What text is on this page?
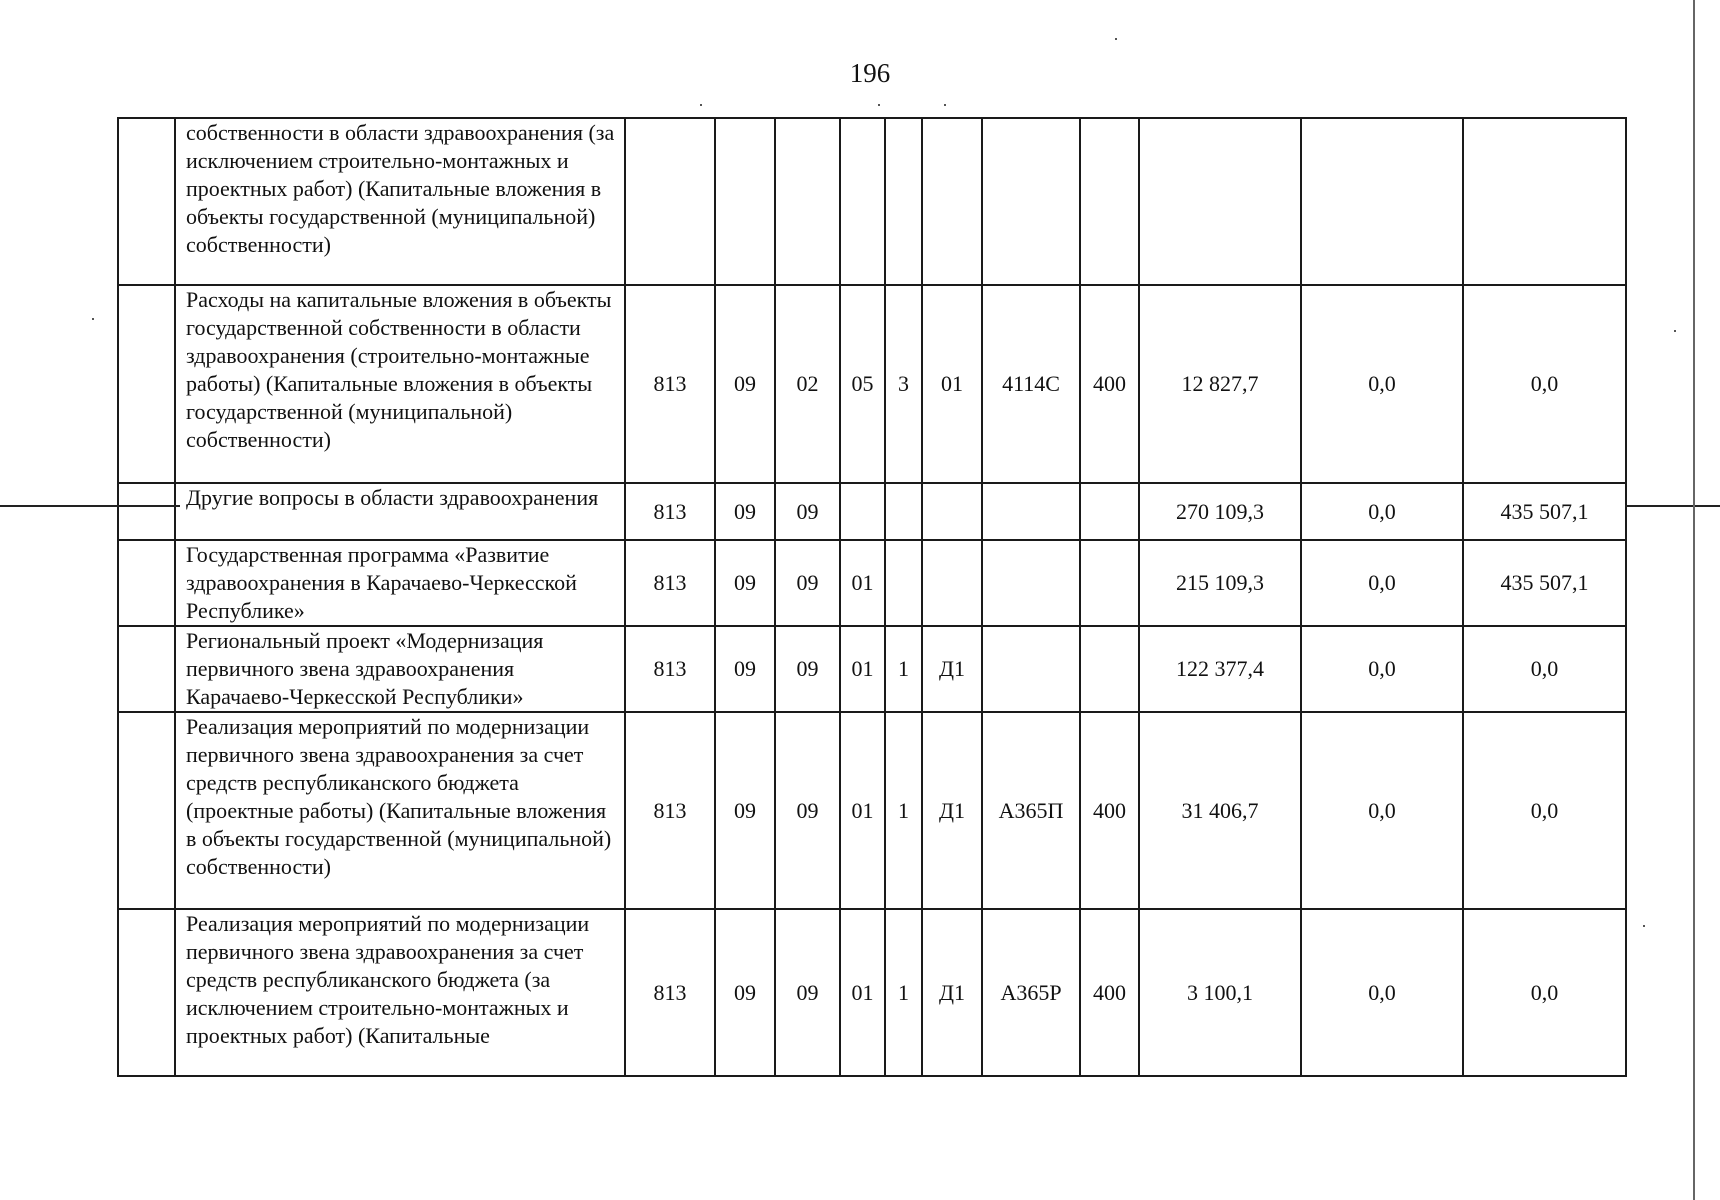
196
	собственности в области здравоохранения (за исключением строительно-монтажных и проектных работ) (Капитальные вложения в объекты государственной (муниципальной) собственности)											
	Расходы на капитальные вложения в объекты государственной собственности в области здравоохранения (строительно-монтажные работы) (Капитальные вложения в объекты государственной (муниципальной) собственности)	813	09	02	05	3	01	4114С	400	12 827,7	0,0	0,0
	Другие вопросы в области здравоохранения	813	09	09						270 109,3	0,0	435 507,1
	Государственная программа «Развитие здравоохранения в Карачаево-Черкесской Республике»	813	09	09	01					215 109,3	0,0	435 507,1
	Региональный проект «Модернизация первичного звена здравоохранения Карачаево-Черкесской Республики»	813	09	09	01	1	Д1			122 377,4	0,0	0,0
	Реализация мероприятий по модернизации первичного звена здравоохранения за счет средств республиканского бюджета (проектные работы) (Капитальные вложения в объекты государственной (муниципальной) собственности)	813	09	09	01	1	Д1	А365П	400	31 406,7	0,0	0,0
	Реализация мероприятий по модернизации первичного звена здравоохранения за счет средств республиканского бюджета (за исключением строительно-монтажных и проектных работ) (Капитальные	813	09	09	01	1	Д1	А365Р	400	3 100,1	0,0	0,0
